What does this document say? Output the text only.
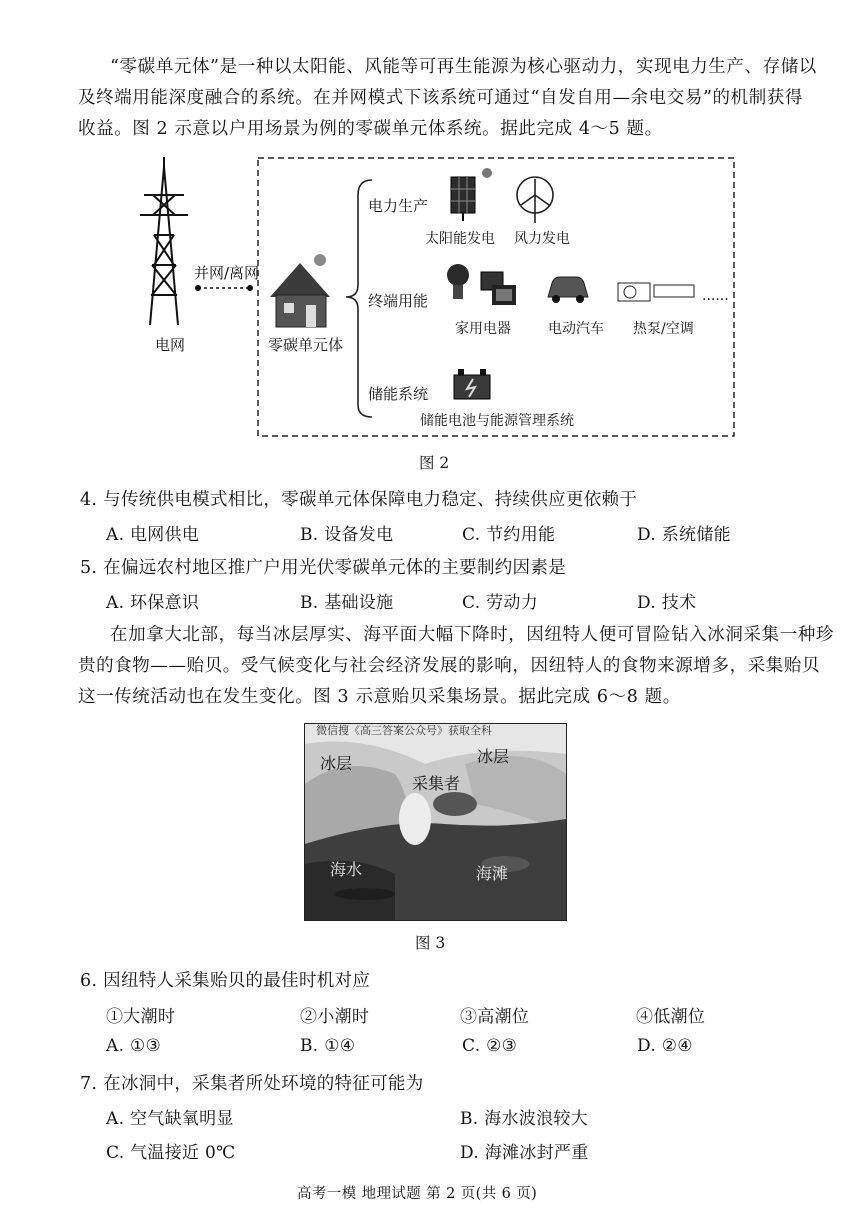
“零碳单元体”是一种以太阳能、风能等可再生能源为核心驱动力，实现电力生产、存储以
及终端用能深度融合的系统。在并网模式下该系统可通过“自发自用—余电交易”的机制获得
收益。图 2 示意以户用场景为例的零碳单元体系统。据此完成 4～5 题。
电网
并网/离网
零碳单元体
电力生产
太阳能发电 风力发电
终端用能
家用电器	电动汽车 热泵/空调
......
储能系统
储能电池与能源管理系统
图 2
4. 与传统供电模式相比，零碳单元体保障电力稳定、持续供应更依赖于
A. 电网供电	B. 设备发电	C. 节约用能	D. 系统储能
5. 在偏远农村地区推广户用光伏零碳单元体的主要制约因素是
A. 环保意识	B. 基础设施	C. 劳动力	D. 技术
在加拿大北部，每当冰层厚实、海平面大幅下降时，因纽特人便可冒险钻入冰洞采集一种珍
贵的食物——贻贝。受气候变化与社会经济发展的影响，因纽特人的食物来源增多，采集贻贝
这一传统活动也在发生变化。图 3 示意贻贝采集场景。据此完成 6～8 题。
微信搜《高三答案公众号》获取全科
冰层	冰层
采集者
海水	海滩
图 3
6. 因纽特人采集贻贝的最佳时机对应
①大潮时	②小潮时	③高潮位	④低潮位
A. ①③	B. ①④	C. ②③	D. ②④
7. 在冰洞中，采集者所处环境的特征可能为
A. 空气缺氧明显	B. 海水波浪较大
C. 气温接近 0℃	D. 海滩冰封严重
高考一模 地理试题 第 2 页(共 6 页)
